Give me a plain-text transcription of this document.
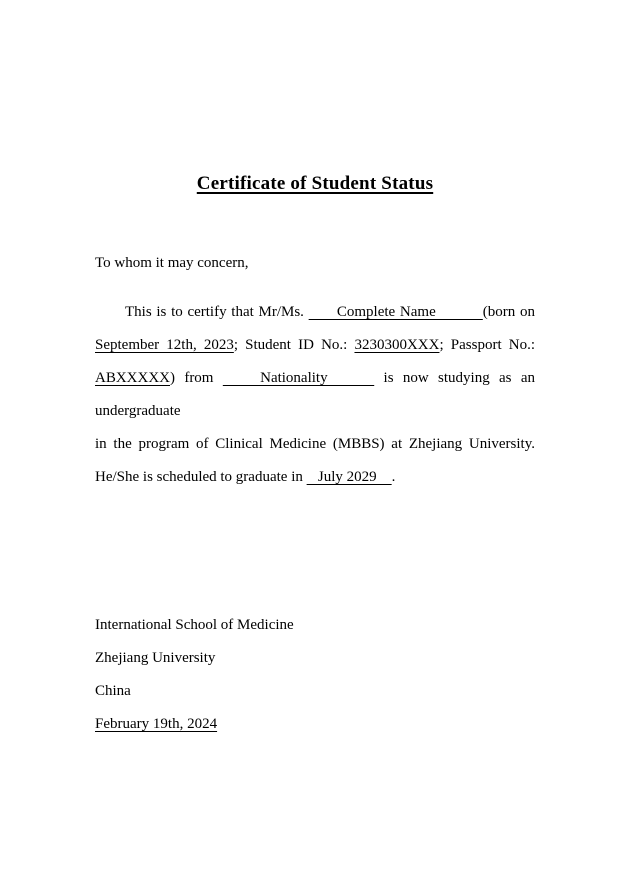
Certificate of Student Status

To whom it may concern,

This is to certify that Mr/Ms.       Complete Name          (born on
September 12th, 2023; Student ID No.: 3230300XXX; Passport No.:
ABXXXXX) from     Nationality      is now studying as an undergraduate
in the program of Clinical Medicine (MBBS) at Zhejiang University.
He/She is scheduled to graduate in    July 2029    .
International School of Medicine
Zhejiang University
China
February 19th, 2024
